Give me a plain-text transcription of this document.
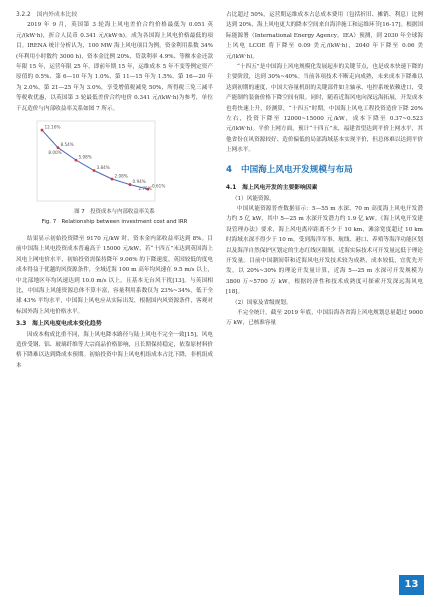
3.2.2　国内外成本比较

2019 年 9 月，英国第 3 轮海上风电差价合约价格最低为 0.051 英元/(kW·h)，折合人民币 0.341 元/(kW·h)。成为各国海上风电价格最低的项目。IRENA 统计分析认为，100 MW 海上风电项目为例，资金利用系数 34%(年利用小时数约 3000 h)，资本金比例 20%、贷款利率 4.9%、等额本金还款年限 15 年，运营年限 25 年，即前年期 15 年，运维成本 5 年不变等例定资产原值的 0.5%、第 6—10 年为 1.0%、第 11—15 年为 1.5%、第 16—20 年为 2.0%、第 21—25 年为 3.0%，享受增值税减免 50%，所得税三免三减半等税收优惠，以英国第 3 轮最低差价合约电价 0.341 元/(kW·h)为参考，单位千瓦造价与内部收益率关系如图 7 所示。

12.16%
8.54%
5.98%
3.84%
2.08%
0.94%
-0.61%
8.00%
2.75%
图 7　投资成本与内部收益率关系
Fig. 7　Relationship between investment cost and IRR

结果显示初始投资降至 9170 元/kW 时，资本金内部收益率达到 8%。目前中国海上风电投资成本普遍高于 15000 元/kW，若“十四五”末达到英国海上风电上网电价水平，初始投资需保持降年 9.06% 的下降速度。英国较低的度电成本得益于优越的风资源条件，全域近海 100 m 高年均风速在 9.5 m/s 以上，中北部地区年均风速达到 10.0 m/s 以上，且基本无台风干扰[13]。与英国相比，中国海上风能资源总体不算丰富，容量利用系数仅为 23%~34%，低于全球 43% 平均水平，中国海上风电应从实际出发，根据国内风资源条件，客观对标国外海上风电价格水平。

3.3　海上风电度电成本变化趋势

因成本构成比重不同，海上风电降本路径与陆上风电不完全一致[15]。风电造价受钢、铝、玻璃纤维等大宗商品价格影响，且长期保持稳定，依靠原材料价格下降难以达到降成本预期。初始投资中海上风电机组成本占比下降，非机组成本

占比超过 50%，运营期运维成本占总成本费用（包括折旧、摊销、利息）比例达到 20%，海上风电更大的降本空间来自海洋施工和运维环节[16-17]。根据国际能源署（International Energy Agency，IEA）预测，到 2030 年全球海上风电 LCOE 将下降至 0.09 美元/(kW·h)，2040 年下降至 0.06 美元/(kW·h)。

“十四五”是中国海上风电规模化发展起步的关键节点，也是成本快速下降的主要阶段，达到 30%~40%。当前各项技术不断走向成熟，未来成本下降难以达到初期的速度，中国大容量机组的关键部件如主轴承、电控系统依赖进口，受产能制约装备价格下降空间有限。同时，随着近海风电向深远海拓展，开发成本也将快速上升，经测算，“十四五”时期，中国海上风电工程投资造价下降 20% 左右，投资下降至 12000~15000 元/kW，成本下降至 0.37~0.523 元/(kW·h)。平价上网方面，预计“十四五”末，福建省望达到平价上网水平，其他省份在风资源较好、造价偏低的局部海域基本实现平价，但总体难以达到平价上网水平。

4 中国海上风电开发规模与布局

4.1　海上风电开发的主要影响因素

（1）风能资源。

中国风能资源普查数据显示：5—55 m 水深、70 m 高度海上风电开发潜力约 5 亿 kW，其中 5—25 m 水深开发潜力约 1.9 亿 kW。《海上风电开发建设管理办法》要求，海上风电离岸距离不少于 10 km，滩涂宽度超过 10 km 时海域水深不得少于 10 m。受到海洋军事、航线、港口、养殖等海洋功能区划以及海洋自然保护区划定的生态红线区限制，近海实际技术可开发量远低于理论开发量。目前中国潮间带和近海风电开发技术较为成熟，成本较低，宜优先开发，以 20%~30% 的理论开发量计算，近海 5—25 m 水深可开发规模为 3800 万~5700 万 kW，根据经济性和技术成熟度可探索开发深远海风电[18]。

（2）国家及省级规划。

不完全统计，截至 2019 年底，中国沿海各省海上风电规划总量超过 9000 万 kW，已核准容量

13
